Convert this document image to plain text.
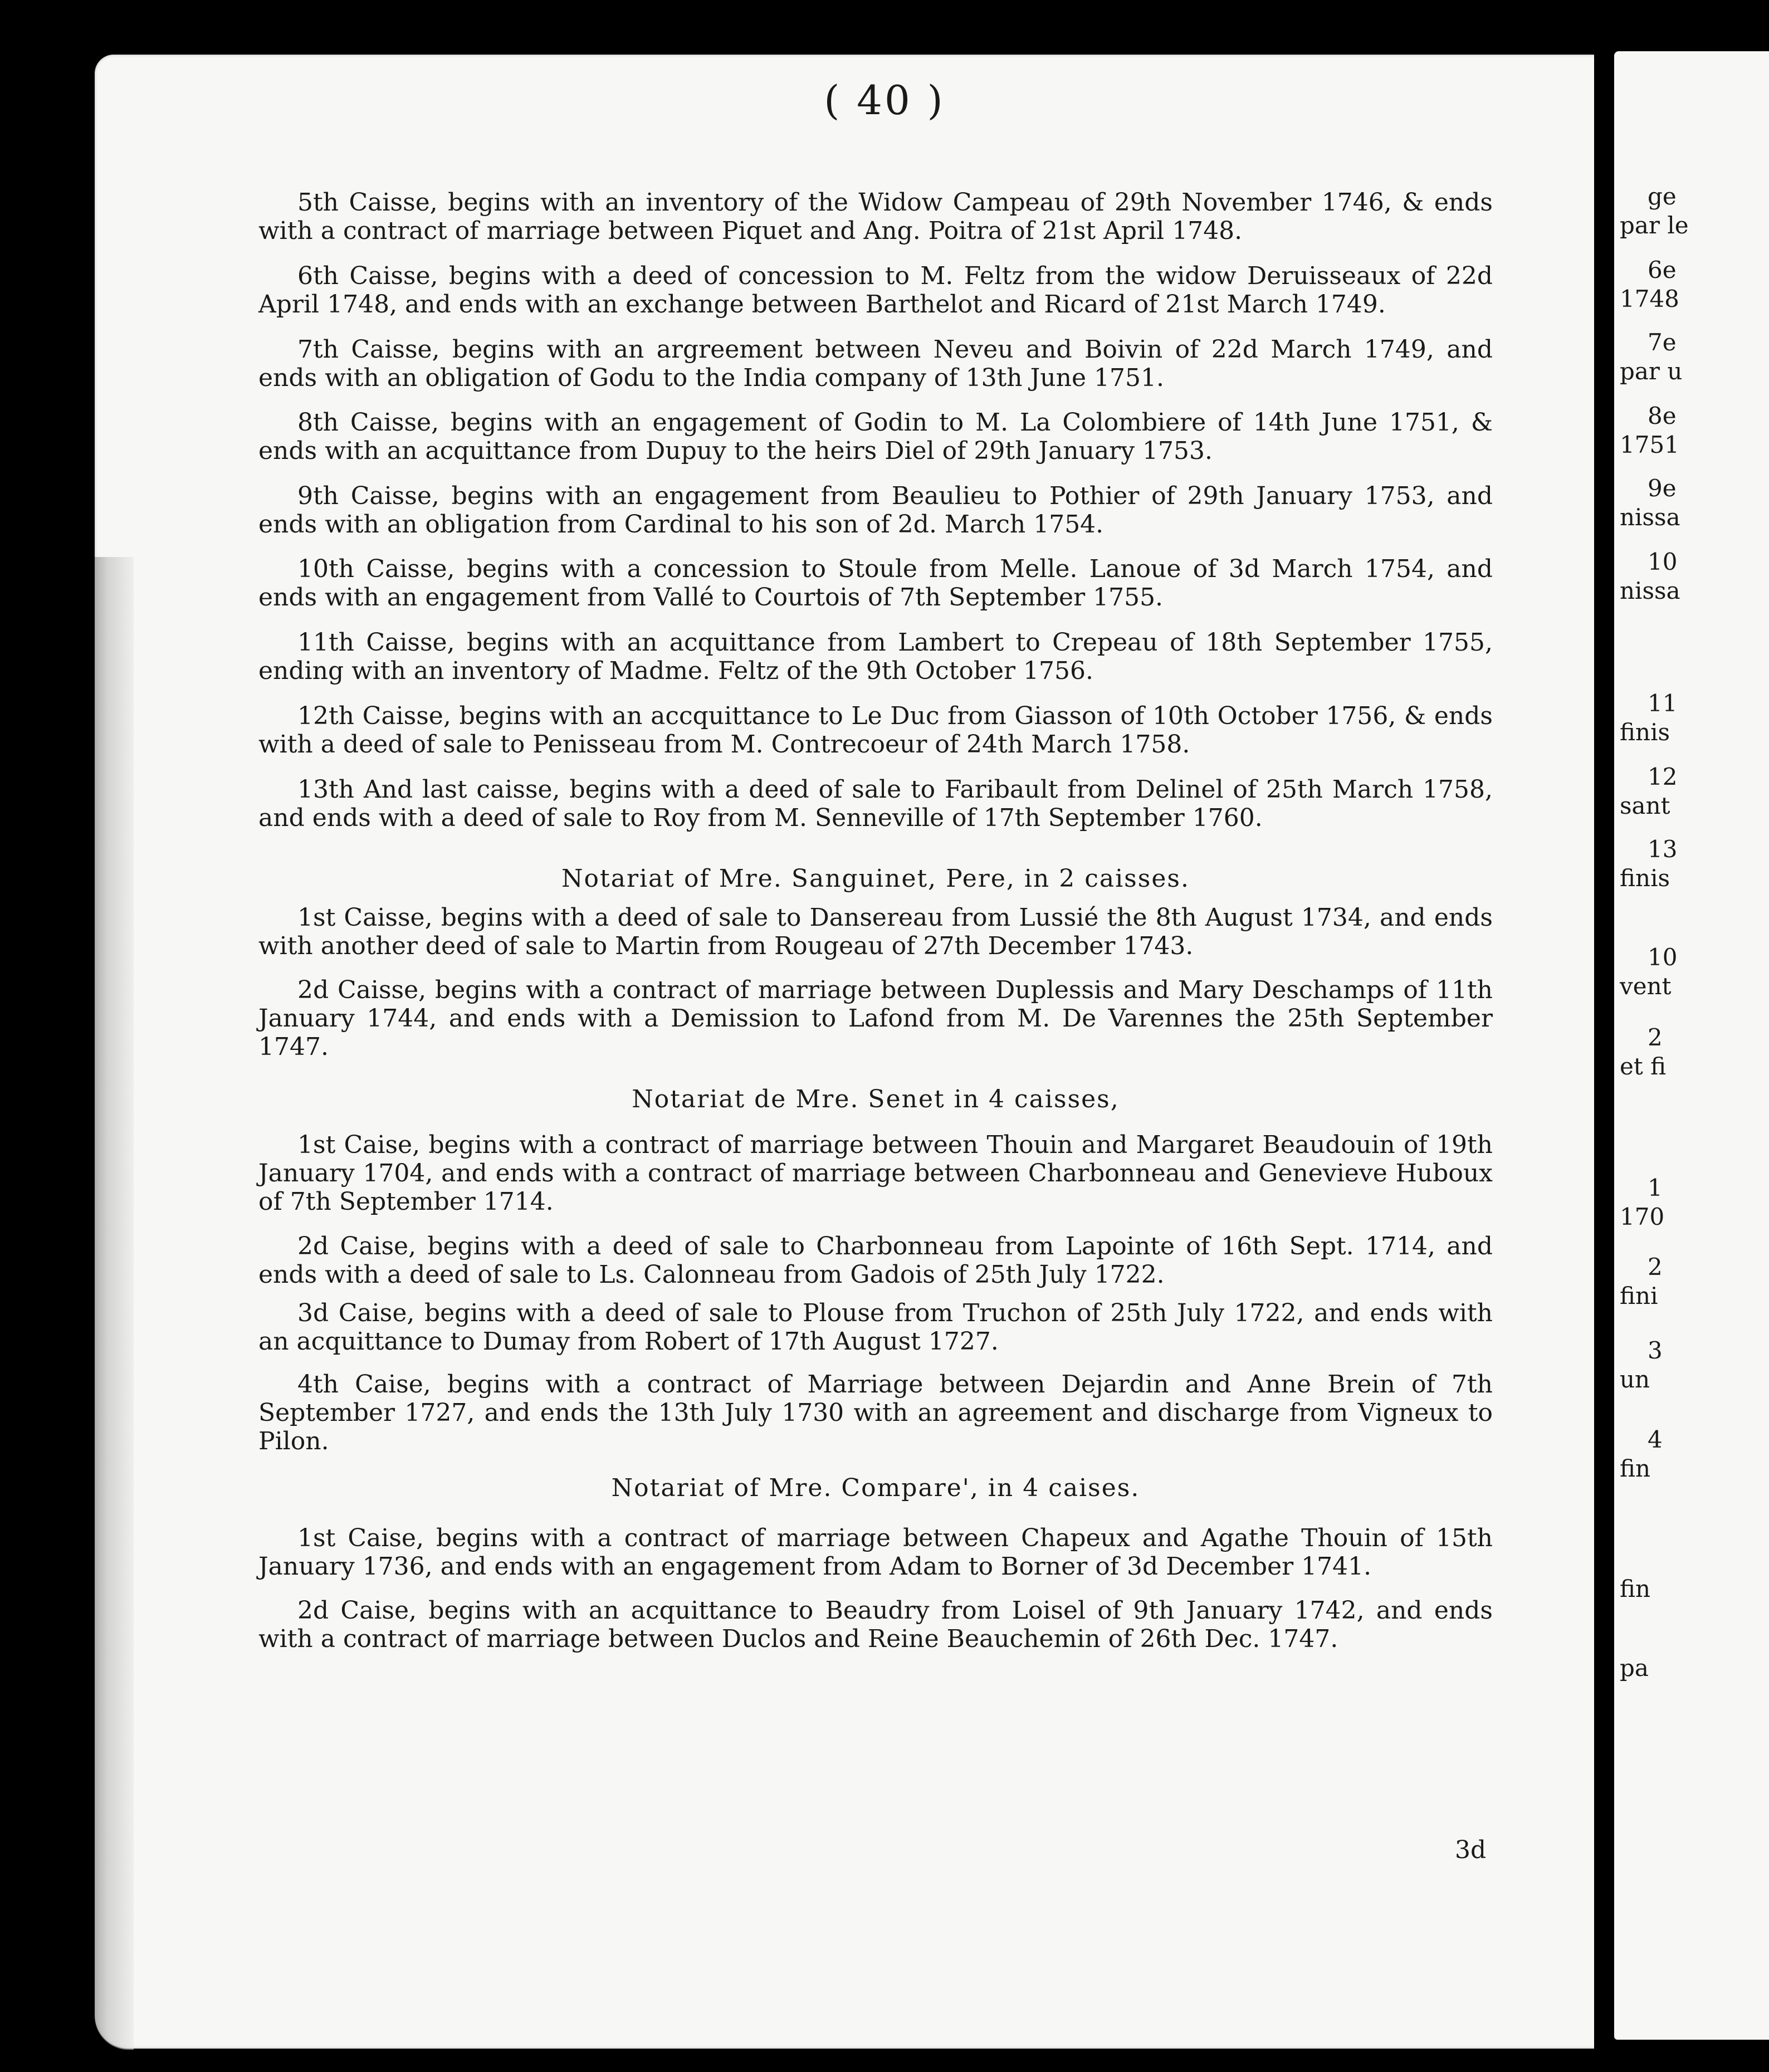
ge
par le
6e
1748
7e
par u
8e
1751
9e
nissa
10
nissa
11
finis
12
sant
13
finis
10
vent
2
et fi
1
170
2
fini
3
un
4
fin
fin
pa
( 40 )

5th Caisse, begins with an inventory of the Widow Campeau of 29th November 1746, & ends with a contract of marriage between Piquet and Ang. Poitra of 21st April 1748.

6th Caisse, begins with a deed of concession to M. Feltz from the widow Deruisseaux of 22d April 1748, and ends with an exchange between Barthelot and Ricard of 21st March 1749.

7th Caisse, begins with an argreement between Neveu and Boivin of 22d March 1749, and ends with an obligation of Godu to the India company of 13th June 1751.

8th Caisse, begins with an engagement of Godin to M. La Colombiere of 14th June 1751, & ends with an acquittance from Dupuy to the heirs Diel of 29th January 1753.

9th Caisse, begins with an engagement from Beaulieu to Pothier of 29th January 1753, and ends with an obligation from Cardinal to his son of 2d. March 1754.

10th Caisse, begins with a concession to Stoule from Melle. Lanoue of 3d March 1754, and ends with an engagement from Vallé to Courtois of 7th September 1755.

11th Caisse, begins with an acquittance from Lambert to Crepeau of 18th September 1755, ending with an inventory of Madme. Feltz of the 9th October 1756.

12th Caisse, begins with an accquittance to Le Duc from Giasson of 10th October 1756, & ends with a deed of sale to Penisseau from M. Contrecoeur of 24th March 1758.

13th And last caisse, begins with a deed of sale to Faribault from Delinel of 25th March 1758, and ends with a deed of sale to Roy from M. Senneville of 17th September 1760.

Notariat of Mre. Sanguinet, Pere, in 2 caisses.

1st Caisse, begins with a deed of sale to Dansereau from Lussié the 8th August 1734, and ends with another deed of sale to Martin from Rougeau of 27th December 1743.

2d Caisse, begins with a contract of marriage between Duplessis and Mary Deschamps of 11th January 1744, and ends with a Demission to Lafond from M. De Varennes the 25th September 1747.

Notariat de Mre. Senet in 4 caisses,

1st Caise, begins with a contract of marriage between Thouin and Margaret Beaudouin of 19th January 1704, and ends with a contract of marriage between Charbonneau and Genevieve Huboux of 7th September 1714.

2d Caise, begins with a deed of sale to Charbonneau from Lapointe of 16th Sept. 1714, and ends with a deed of sale to Ls. Calonneau from Gadois of 25th July 1722.

3d Caise, begins with a deed of sale to Plouse from Truchon of 25th July 1722, and ends with an acquittance to Dumay from Robert of 17th August 1727.

4th Caise, begins with a contract of Marriage between Dejardin and Anne Brein of 7th September 1727, and ends the 13th July 1730 with an agreement and discharge from Vigneux to Pilon.

Notariat of Mre. Compare', in 4 caises.

1st Caise, begins with a contract of marriage between Chapeux and Agathe Thouin of 15th January 1736, and ends with an engagement from Adam to Borner of 3d December 1741.

2d Caise, begins with an acquittance to Beaudry from Loisel of 9th January 1742, and ends with a contract of marriage between Duclos and Reine Beauchemin of 26th Dec. 1747.

3d
